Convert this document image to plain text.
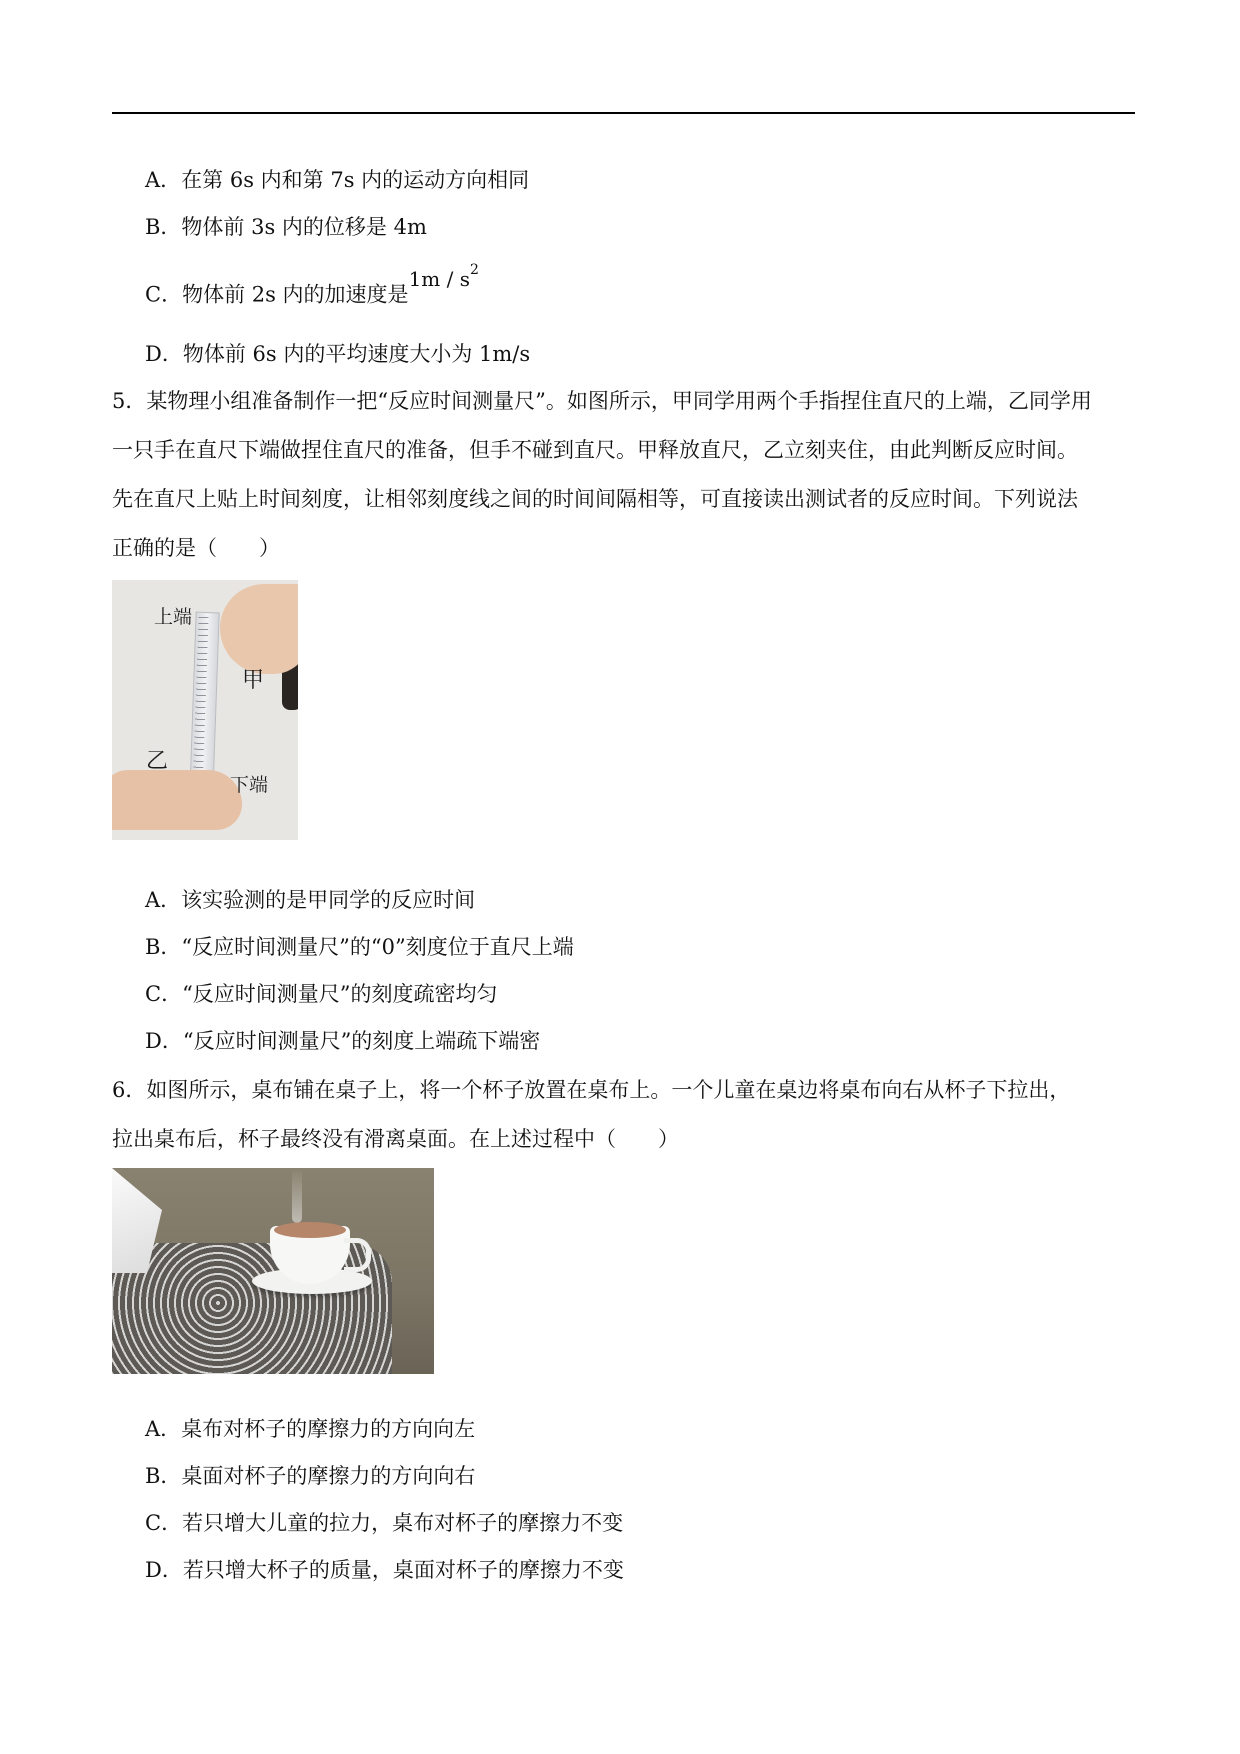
A．在第 6s 内和第 7s 内的运动方向相同
B．物体前 3s 内的位移是 4m
C．物体前 2s 内的加速度是$1m / s^2$
D．物体前 6s 内的平均速度大小为 1m/s
5．某物理小组准备制作一把“反应时间测量尺”。如图所示，甲同学用两个手指捏住直尺的上端，乙同学用
一只手在直尺下端做捏住直尺的准备，但手不碰到直尺。甲释放直尺，乙立刻夹住，由此判断反应时间。
先在直尺上贴上时间刻度，让相邻刻度线之间的时间间隔相等，可直接读出测试者的反应时间。下列说法
正确的是（　　）
上端
甲
乙
下端
A．该实验测的是甲同学的反应时间
B．“反应时间测量尺”的“0”刻度位于直尺上端
C．“反应时间测量尺”的刻度疏密均匀
D．“反应时间测量尺”的刻度上端疏下端密
6．如图所示，桌布铺在桌子上，将一个杯子放置在桌布上。一个儿童在桌边将桌布向右从杯子下拉出，
拉出桌布后，杯子最终没有滑离桌面。在上述过程中（　　）
A．桌布对杯子的摩擦力的方向向左
B．桌面对杯子的摩擦力的方向向右
C．若只增大儿童的拉力，桌布对杯子的摩擦力不变
D．若只增大杯子的质量，桌面对杯子的摩擦力不变
